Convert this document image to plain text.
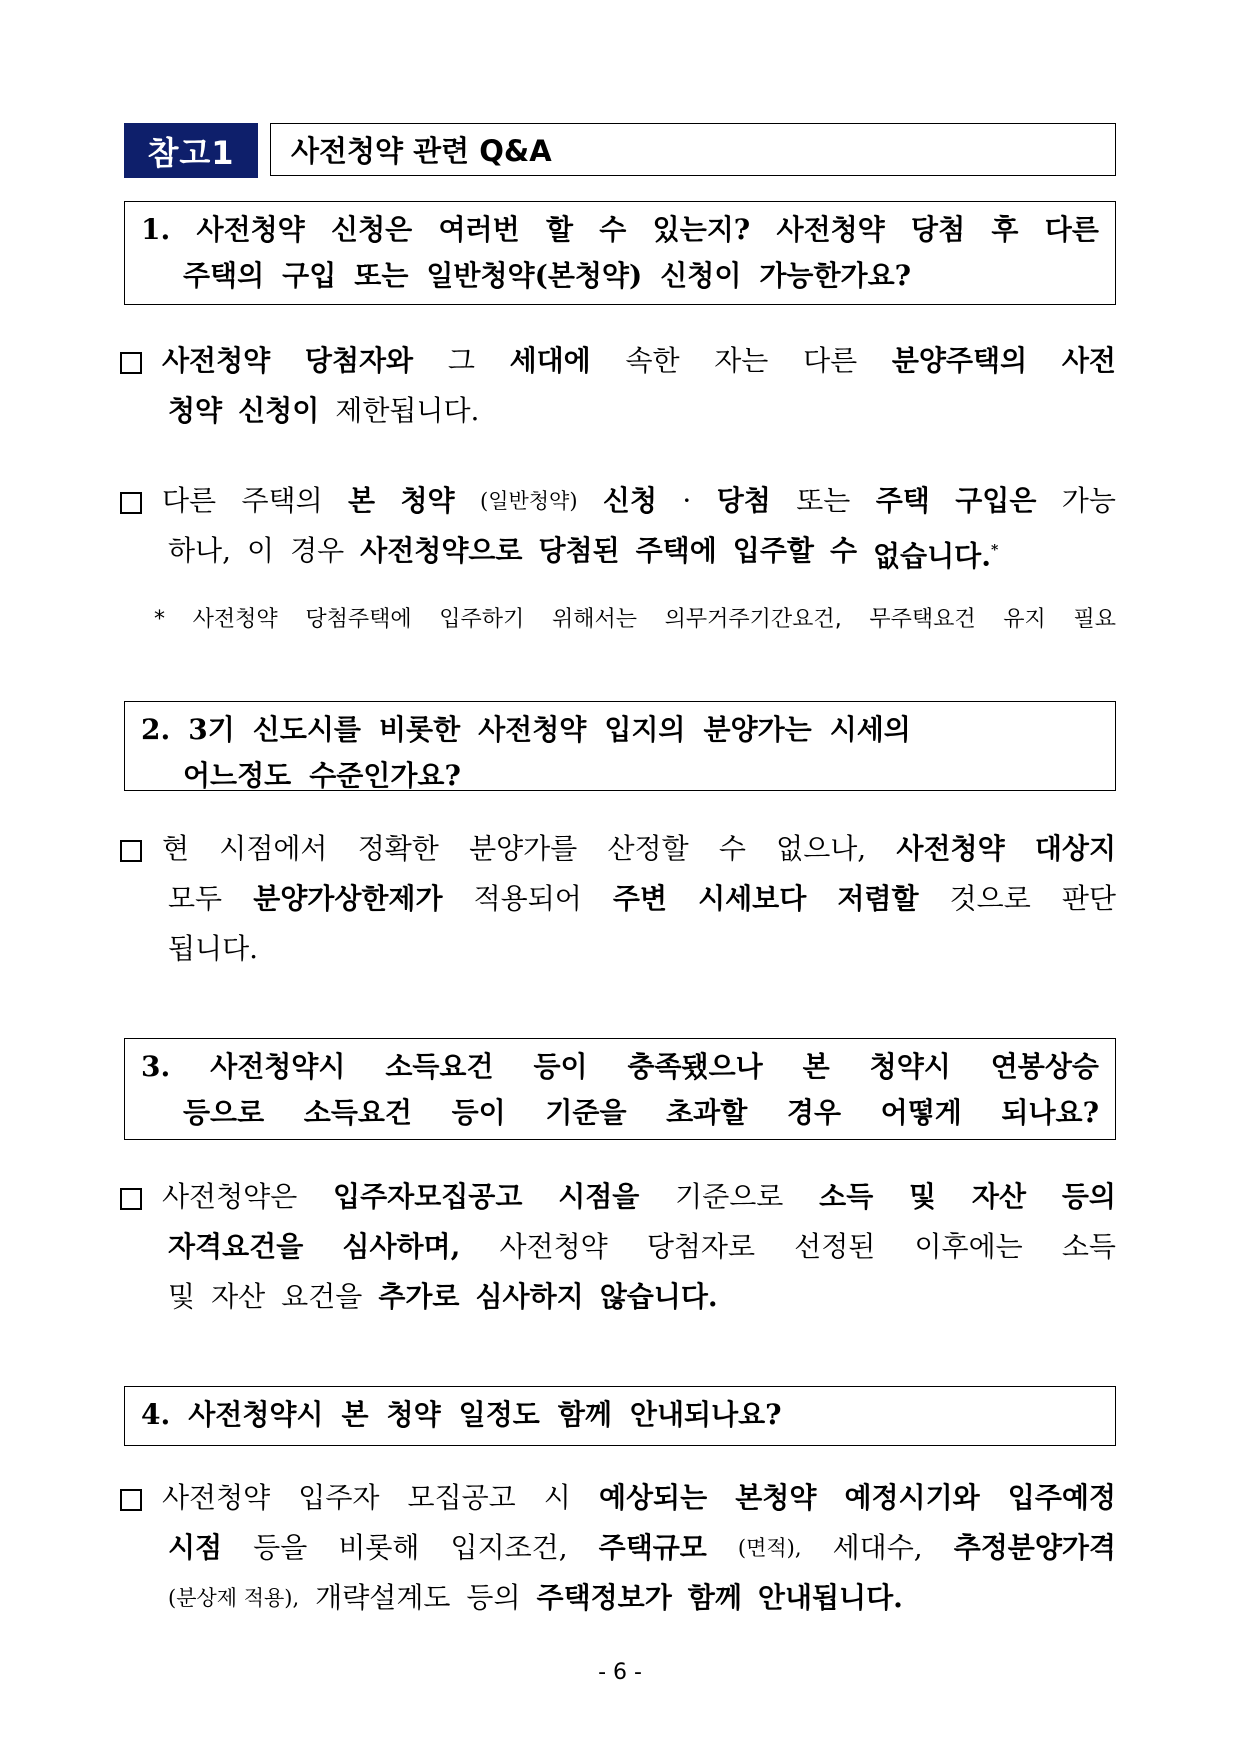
참고1	사전청약 관련 Q&A
1. 사전청약 신청은 여러번 할 수 있는지? 사전청약 당첨 후 다른
주택의 구입 또는 일반청약(본청약) 신청이 가능한가요?
사전청약 당첨자와 그 세대에 속한 자는 다른 분양주택의 사전
청약 신청이 제한됩니다.
다른 주택의 본 청약 (일반청약) 신청 · 당첨 또는 주택 구입은 가능
하나, 이 경우 사전청약으로 당첨된 주택에 입주할 수 없습니다.*
* 사전청약 당첨주택에 입주하기 위해서는 의무거주기간요건, 무주택요건 유지 필요
2. 3기 신도시를 비롯한 사전청약 입지의 분양가는 시세의
어느정도 수준인가요?
현 시점에서 정확한 분양가를 산정할 수 없으나, 사전청약 대상지
모두 분양가상한제가 적용되어 주변 시세보다 저렴할 것으로 판단
됩니다.
3. 사전청약시 소득요건 등이 충족됐으나 본 청약시 연봉상승
등으로 소득요건 등이 기준을 초과할 경우 어떻게 되나요?
사전청약은 입주자모집공고 시점을 기준으로 소득 및 자산 등의
자격요건을 심사하며, 사전청약 당첨자로 선정된 이후에는 소득
및 자산 요건을 추가로 심사하지 않습니다.
4. 사전청약시 본 청약 일정도 함께 안내되나요?
사전청약 입주자 모집공고 시 예상되는 본청약 예정시기와 입주예정
시점 등을 비롯해 입지조건, 주택규모 (면적), 세대수, 추정분양가격
(분상제 적용), 개략설계도 등의 주택정보가 함께 안내됩니다.
- 6 -
